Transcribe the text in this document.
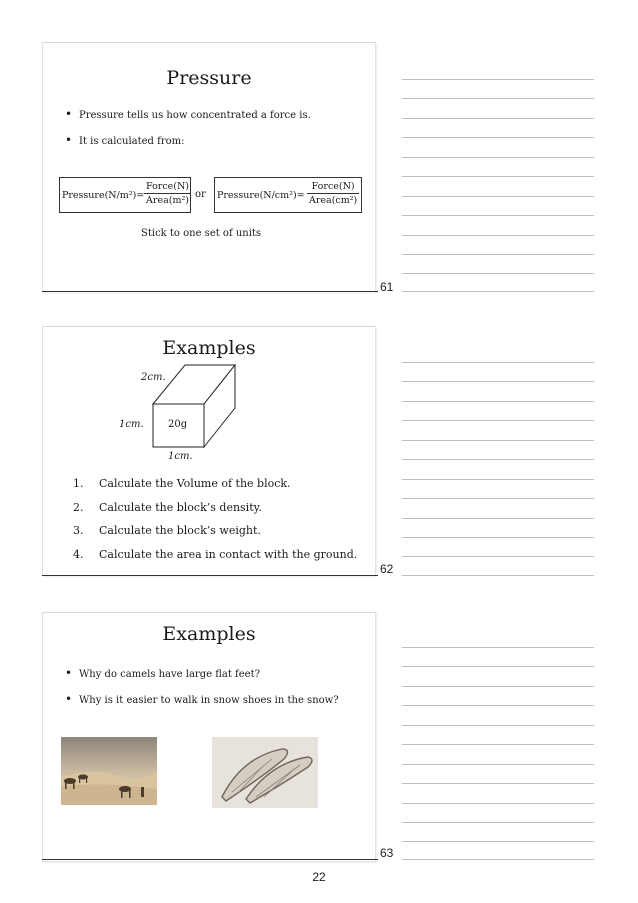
Pressure
• Pressure tells us how concentrated a force is.
• It is calculated from:
Pressure(N/m²)=
Force(N)
Area(m²)
or Pressure(N/cm²)=
Force(N)
Area(cm²)
Stick to one set of units
61
Examples
2cm.
1cm. 20g
1cm.
1.	Calculate the Volume of the block.
2.	Calculate the block’s density.
3.	Calculate the block’s weight.
4.	Calculate the area in contact with the ground.
62
Examples
• Why do camels have large flat feet?
• Why is it easier to walk in snow shoes in the snow?
63
22
